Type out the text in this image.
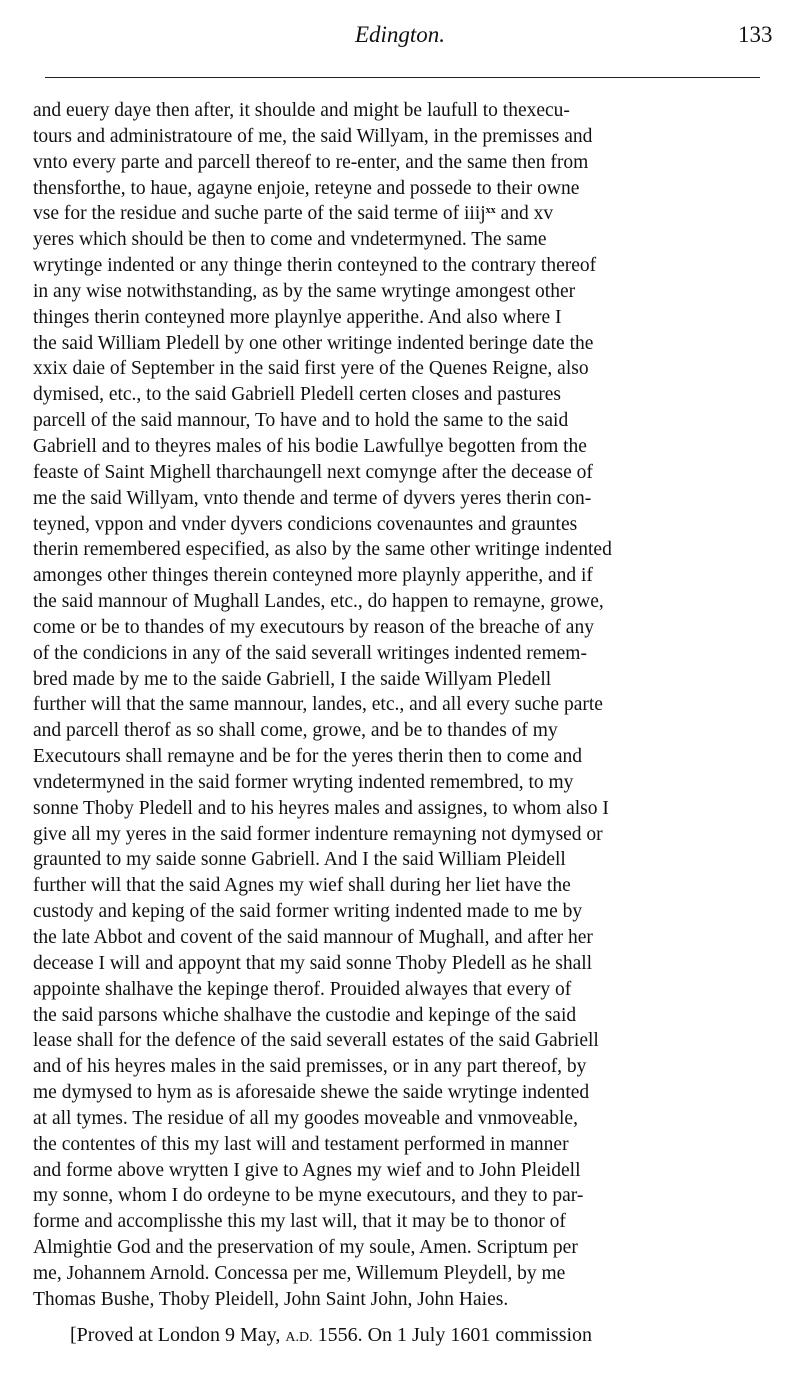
Edington.	133
and euery daye then after, it shoulde and might be laufull to thexecu-
tours and administratoure of me, the said Willyam, in the premisses and
vnto every parte and parcell thereof to re-enter, and the same then from
thensforthe, to haue, agayne enjoie, reteyne and possede to their owne
vse for the residue and suche parte of the said terme of iiij$^{xx}$ and xv
yeres which should be then to come and vndetermyned. The same
wrytinge indented or any thinge therin conteyned to the contrary thereof
in any wise notwithstanding, as by the same wrytinge amongest other
thinges therin conteyned more playnlye apperithe. And also where I
the said William Pledell by one other writinge indented beringe date the
xxix daie of September in the said first yere of the Quenes Reigne, also
dymised, etc., to the said Gabriell Pledell certen closes and pastures
parcell of the said mannour, To have and to hold the same to the said
Gabriell and to theyres males of his bodie Lawfullye begotten from the
feaste of Saint Mighell tharchaungell next comynge after the decease of
me the said Willyam, vnto thende and terme of dyvers yeres therin con-
teyned, vppon and vnder dyvers condicions covenauntes and grauntes
therin remembered especified, as also by the same other writinge indented
amonges other thinges therein conteyned more playnly apperithe, and if
the said mannour of Mughall Landes, etc., do happen to remayne, growe,
come or be to thandes of my executours by reason of the breache of any
of the condicions in any of the said severall writinges indented remem-
bred made by me to the saide Gabriell, I the saide Willyam Pledell
further will that the same mannour, landes, etc., and all every suche parte
and parcell therof as so shall come, growe, and be to thandes of my
Executours shall remayne and be for the yeres therin then to come and
vndetermyned in the said former wryting indented remembred, to my
sonne Thoby Pledell and to his heyres males and assignes, to whom also I
give all my yeres in the said former indenture remayning not dymysed or
graunted to my saide sonne Gabriell. And I the said William Pleidell
further will that the said Agnes my wief shall during her liet have the
custody and keping of the said former writing indented made to me by
the late Abbot and covent of the said mannour of Mughall, and after her
decease I will and appoynt that my said sonne Thoby Pledell as he shall
appointe shalhave the kepinge therof. Prouided alwayes that every of
the said parsons whiche shalhave the custodie and kepinge of the said
lease shall for the defence of the said severall estates of the said Gabriell
and of his heyres males in the said premisses, or in any part thereof, by
me dymysed to hym as is aforesaide shewe the saide wrytinge indented
at all tymes. The residue of all my goodes moveable and vnmoveable,
the contentes of this my last will and testament performed in manner
and forme above wrytten I give to Agnes my wief and to John Pleidell
my sonne, whom I do ordeyne to be myne executours, and they to par-
forme and accomplisshe this my last will, that it may be to thonor of
Almightie God and the preservation of my soule, Amen. Scriptum per
me, Johannem Arnold. Concessa per me, Willemum Pleydell, by me
Thomas Bushe, Thoby Pleidell, John Saint John, John Haies.
[Proved at London 9 May, A.D. 1556. On 1 July 1601 commission
